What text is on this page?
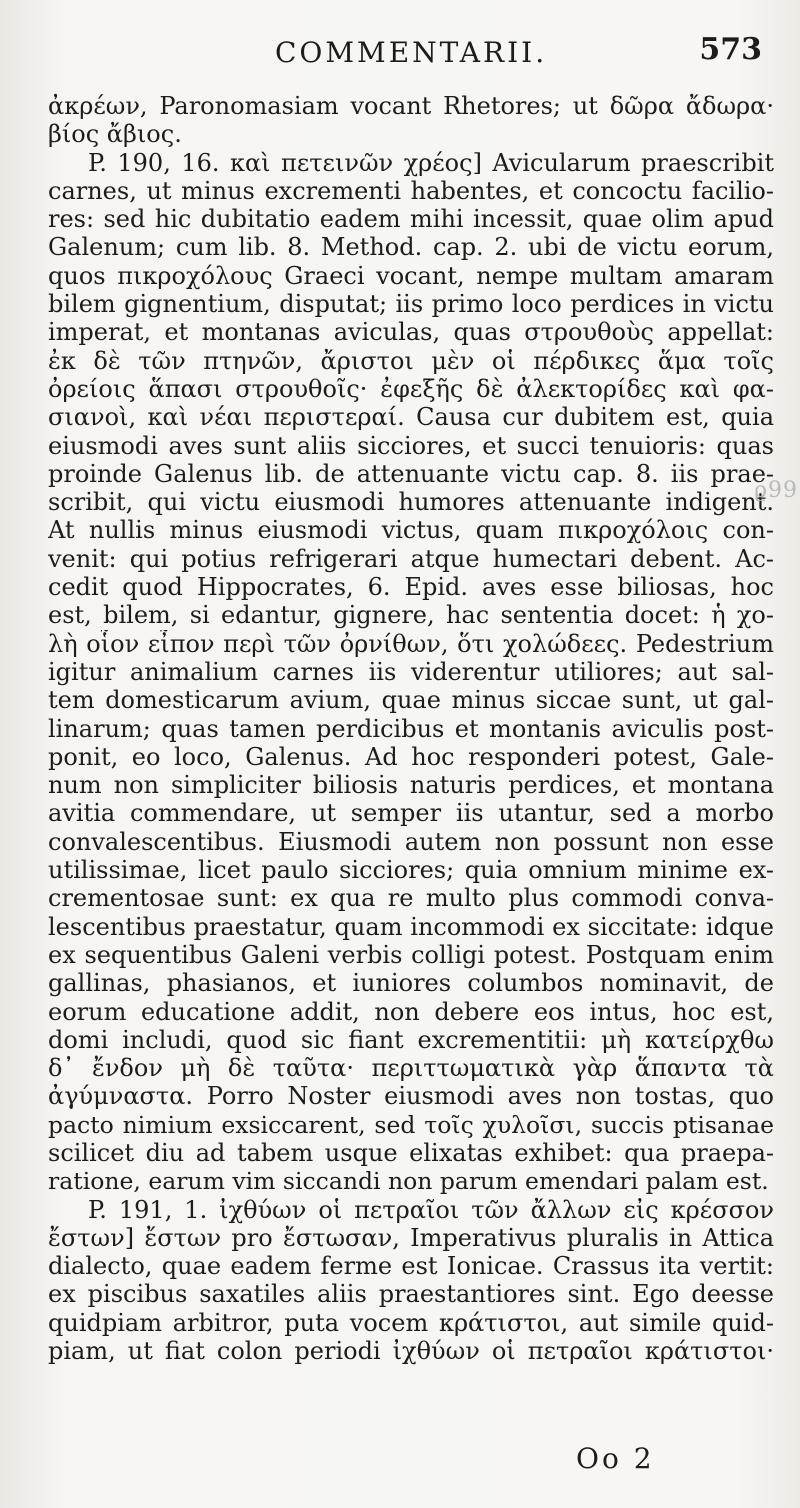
COMMENTARII.	573
ἀκρέων, Paronomasiam vocant Rhetores; ut δῶρα ἄδωρα·
βίος ἄβιος.
P. 190, 16. καὶ πετεινῶν χρέος] Avicularum praescribit
carnes, ut minus excrementi habentes, et concoctu facilio-
res: sed hic dubitatio eadem mihi incessit, quae olim apud
Galenum; cum lib. 8. Method. cap. 2. ubi de victu eorum,
quos πικροχόλους Graeci vocant, nempe multam amaram
bilem gignentium, disputat; iis primo loco perdices in victu
imperat, et montanas aviculas, quas στρουθοὺς appellat:
ἐκ δὲ τῶν πτηνῶν, ἄριστοι μὲν οἱ πέρδικες ἅμα τοῖς
ὀρείοις ἅπασι στρουθοῖς· ἐφεξῆς δὲ ἀλεκτορίδες καὶ φα-
σιανοὶ, καὶ νέαι περιστεραί. Causa cur dubitem est, quia
eiusmodi aves sunt aliis sicciores, et succi tenuioris: quas
proinde Galenus lib. de attenuante victu cap. 8. iis prae-
scribit, qui victu eiusmodi humores attenuante indigent.
At nullis minus eiusmodi victus, quam πικροχόλοις con-
venit: qui potius refrigerari atque humectari debent. Ac-
cedit quod Hippocrates, 6. Epid. aves esse biliosas, hoc
est, bilem, si edantur, gignere, hac sententia docet: ἡ χο-
λὴ οἷον εἶπον περὶ τῶν ὀρνίθων, ὅτι χολώδεες. Pedestrium
igitur animalium carnes iis viderentur utiliores; aut sal-
tem domesticarum avium, quae minus siccae sunt, ut gal-
linarum; quas tamen perdicibus et montanis aviculis post-
ponit, eo loco, Galenus. Ad hoc responderi potest, Gale-
num non simpliciter biliosis naturis perdices, et montana
avitia commendare, ut semper iis utantur, sed a morbo
convalescentibus. Eiusmodi autem non possunt non esse
utilissimae, licet paulo sicciores; quia omnium minime ex-
crementosae sunt: ex qua re multo plus commodi conva-
lescentibus praestatur, quam incommodi ex siccitate: idque
ex sequentibus Galeni verbis colligi potest. Postquam enim
gallinas, phasianos, et iuniores columbos nominavit, de
eorum educatione addit, non debere eos intus, hoc est,
domi includi, quod sic fiant excrementitii: μὴ κατείρχθω
δ᾽ ἔνδον μὴ δὲ ταῦτα· περιττωματικὰ γὰρ ἅπαντα τὰ
ἀγύμναστα. Porro Noster eiusmodi aves non tostas, quo
pacto nimium exsiccarent, sed τοῖς χυλοῖσι, succis ptisanae
scilicet diu ad tabem usque elixatas exhibet: qua praepa-
ratione, earum vim siccandi non parum emendari palam est.
P. 191, 1. ἰχθύων οἱ πετραῖοι τῶν ἄλλων εἰς κρέσσον
ἔστων] ἔστων pro ἔστωσαν, Imperativus pluralis in Attica
dialecto, quae eadem ferme est Ionicae. Crassus ita vertit:
ex piscibus saxatiles aliis praestantiores sint. Ego deesse
quidpiam arbitror, puta vocem κράτιστοι, aut simile quid-
piam, ut fiat colon periodi ἰχθύων οἱ πετραῖοι κράτιστοι·
ϱ99
Oo 2
